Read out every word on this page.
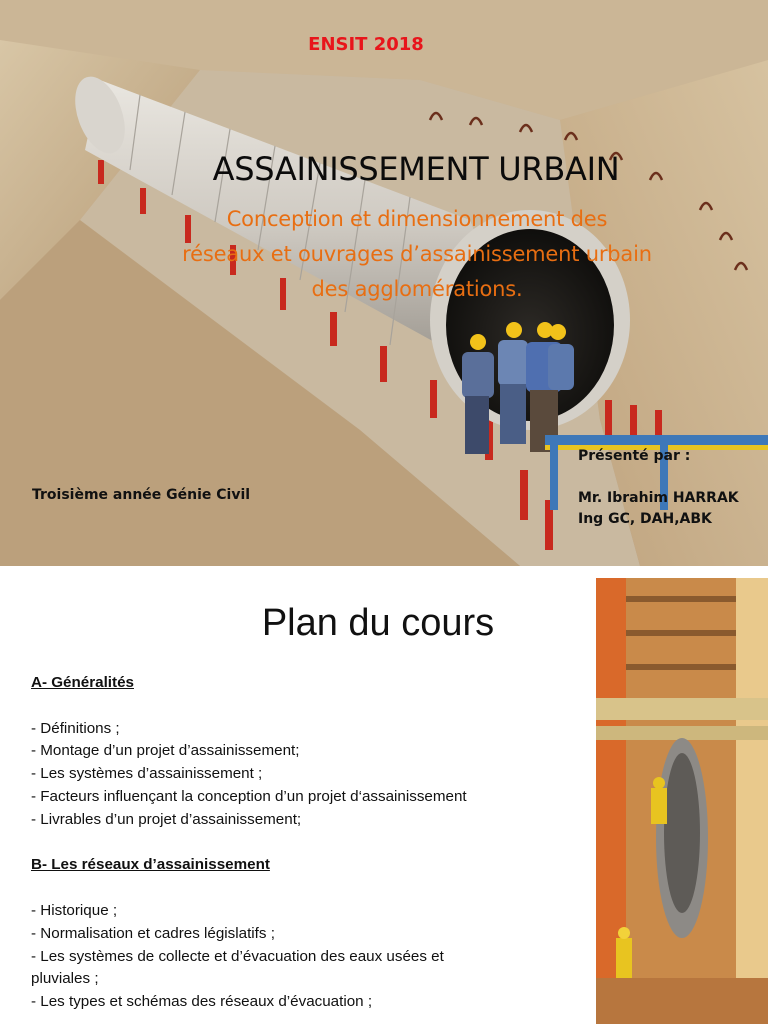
ENSIT 2018
ASSAINISSEMENT URBAIN
Conception et dimensionnement des
réseaux et ouvrages d’assainissement urbain
des agglomérations.
Troisième année Génie Civil
Présenté par :
Mr. Ibrahim HARRAK
Ing GC, DAH,ABK
Plan du cours
A- Généralités
- Définitions ;
- Montage d’un projet d’assainissement;
- Les systèmes d’assainissement ;
- Facteurs influençant la conception d’un projet d‘assainissement
- Livrables d’un projet d’assainissement;
B- Les réseaux d’assainissement
- Historique ;
- Normalisation et cadres législatifs ;
- Les systèmes de collecte et d’évacuation des eaux usées et
pluviales ;
- Les types et schémas des réseaux d’évacuation ;
